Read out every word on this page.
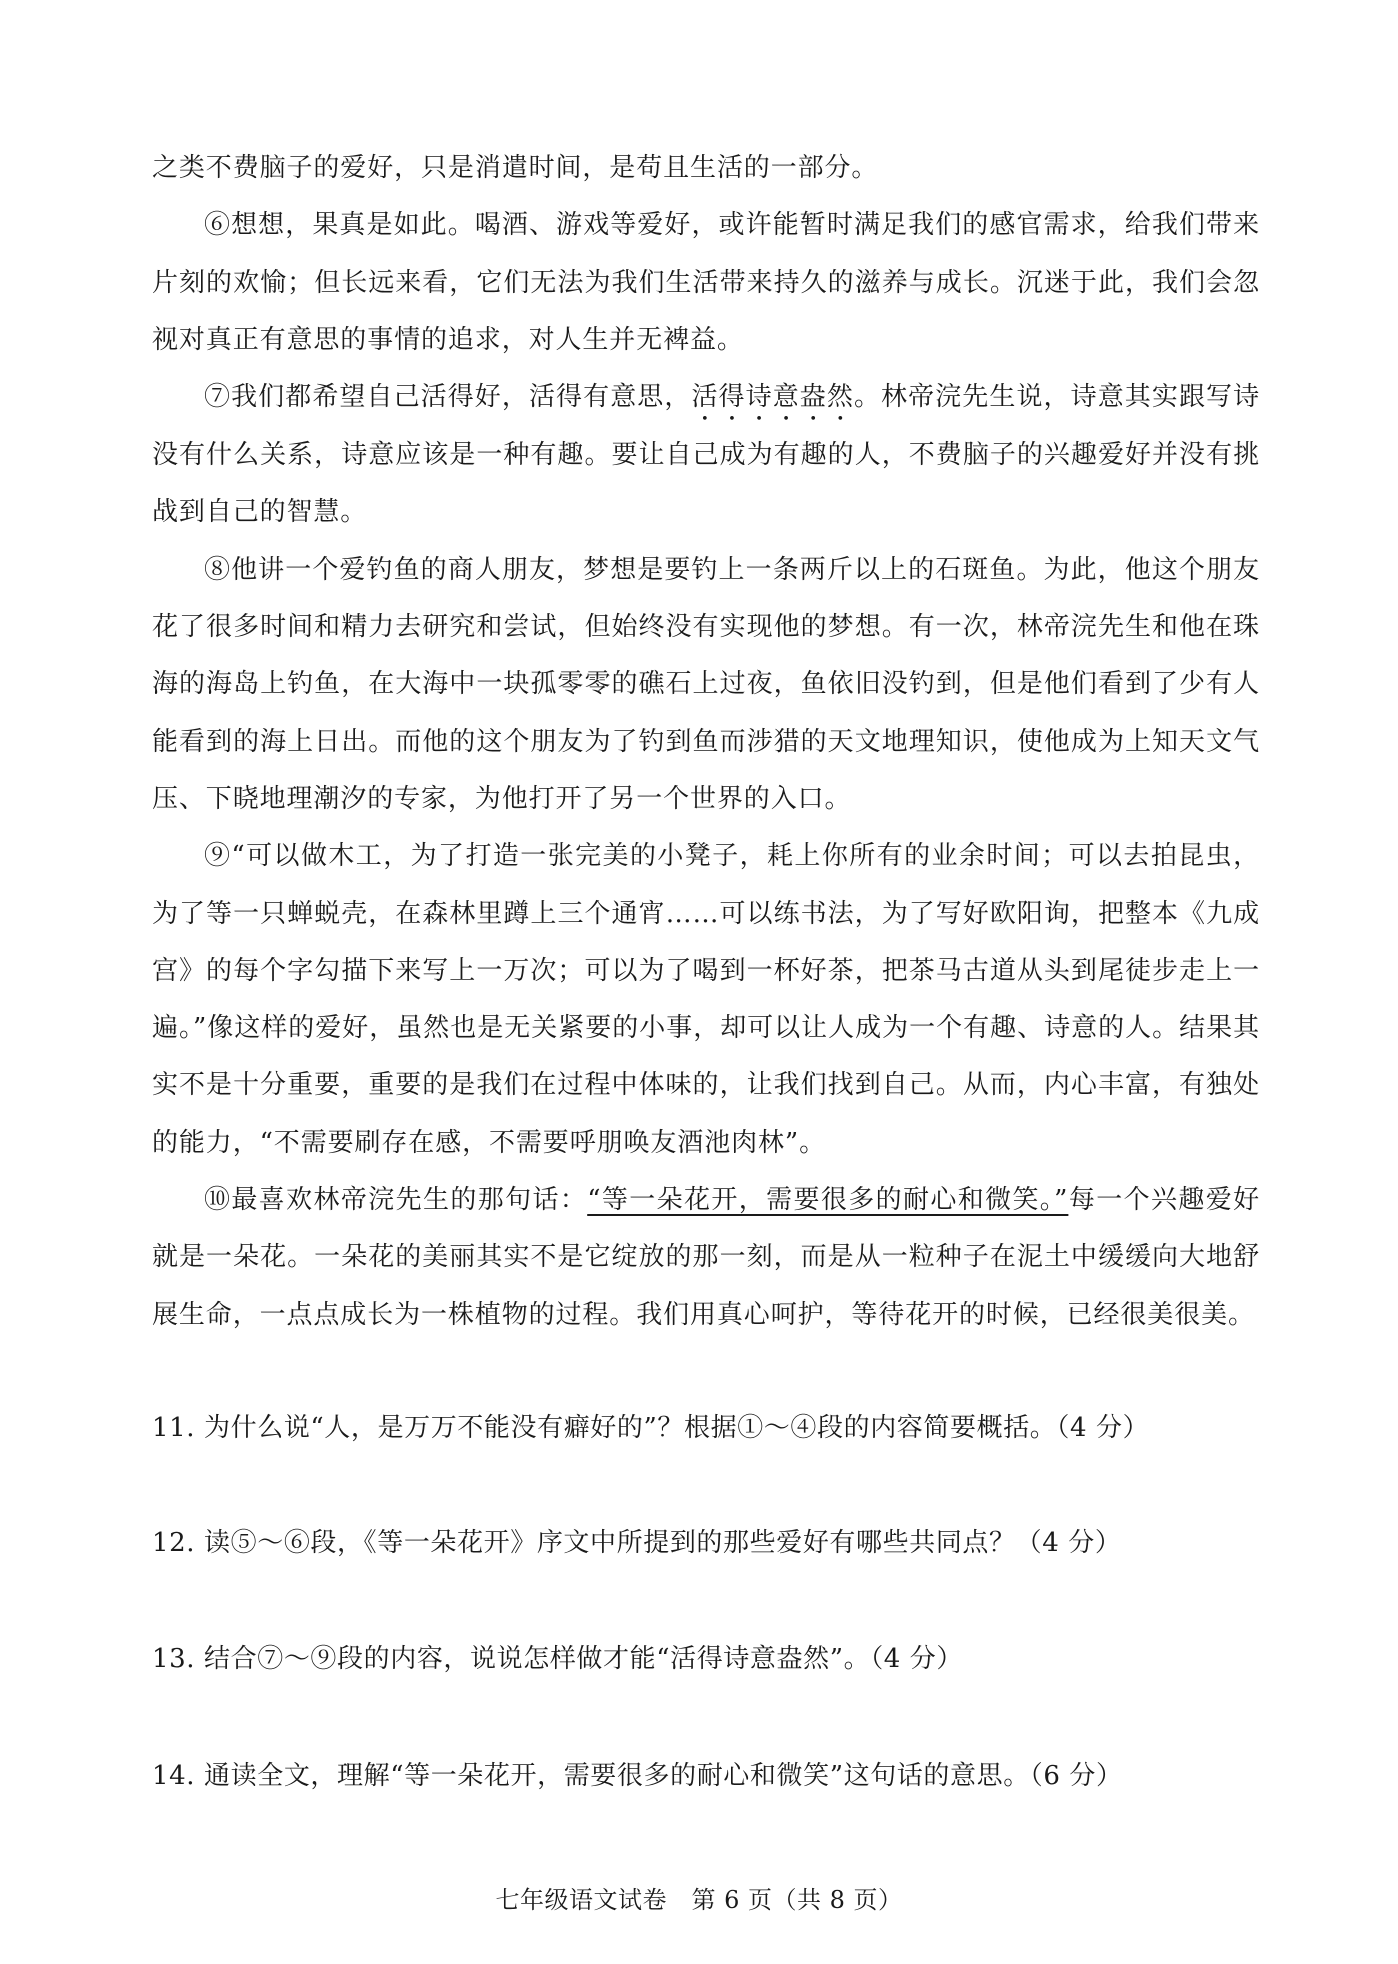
之类不费脑子的爱好，只是消遣时间，是苟且生活的一部分。

⑥想想，果真是如此。喝酒、游戏等爱好，或许能暂时满足我们的感官需求，给我们带来片刻的欢愉；但长远来看，它们无法为我们生活带来持久的滋养与成长。沉迷于此，我们会忽视对真正有意思的事情的追求，对人生并无裨益。

⑦我们都希望自己活得好，活得有意思，活得诗意盎然。林帝浣先生说，诗意其实跟写诗没有什么关系，诗意应该是一种有趣。要让自己成为有趣的人，不费脑子的兴趣爱好并没有挑战到自己的智慧。

⑧他讲一个爱钓鱼的商人朋友，梦想是要钓上一条两斤以上的石斑鱼。为此，他这个朋友花了很多时间和精力去研究和尝试，但始终没有实现他的梦想。有一次，林帝浣先生和他在珠海的海岛上钓鱼，在大海中一块孤零零的礁石上过夜，鱼依旧没钓到，但是他们看到了少有人能看到的海上日出。而他的这个朋友为了钓到鱼而涉猎的天文地理知识，使他成为上知天文气压、下晓地理潮汐的专家，为他打开了另一个世界的入口。

⑨“可以做木工，为了打造一张完美的小凳子，耗上你所有的业余时间；可以去拍昆虫，为了等一只蝉蜕壳，在森林里蹲上三个通宵……可以练书法，为了写好欧阳询，把整本《九成宫》的每个字勾描下来写上一万次；可以为了喝到一杯好茶，把茶马古道从头到尾徒步走上一遍。”像这样的爱好，虽然也是无关紧要的小事，却可以让人成为一个有趣、诗意的人。结果其实不是十分重要，重要的是我们在过程中体味的，让我们找到自己。从而，内心丰富，有独处的能力，“不需要刷存在感，不需要呼朋唤友酒池肉林”。

⑩最喜欢林帝浣先生的那句话：“等一朵花开，需要很多的耐心和微笑。”每一个兴趣爱好就是一朵花。一朵花的美丽其实不是它绽放的那一刻，而是从一粒种子在泥土中缓缓向大地舒展生命，一点点成长为一株植物的过程。我们用真心呵护，等待花开的时候，已经很美很美。

11. 为什么说“人，是万万不能没有癖好的”？根据①～④段的内容简要概括。（4 分）

12. 读⑤～⑥段，《等一朵花开》序文中所提到的那些爱好有哪些共同点？（4 分）

13. 结合⑦～⑨段的内容，说说怎样做才能“活得诗意盎然”。（4 分）

14. 通读全文，理解“等一朵花开，需要很多的耐心和微笑”这句话的意思。（6 分）

七年级语文试卷　第 6 页（共 8 页）
